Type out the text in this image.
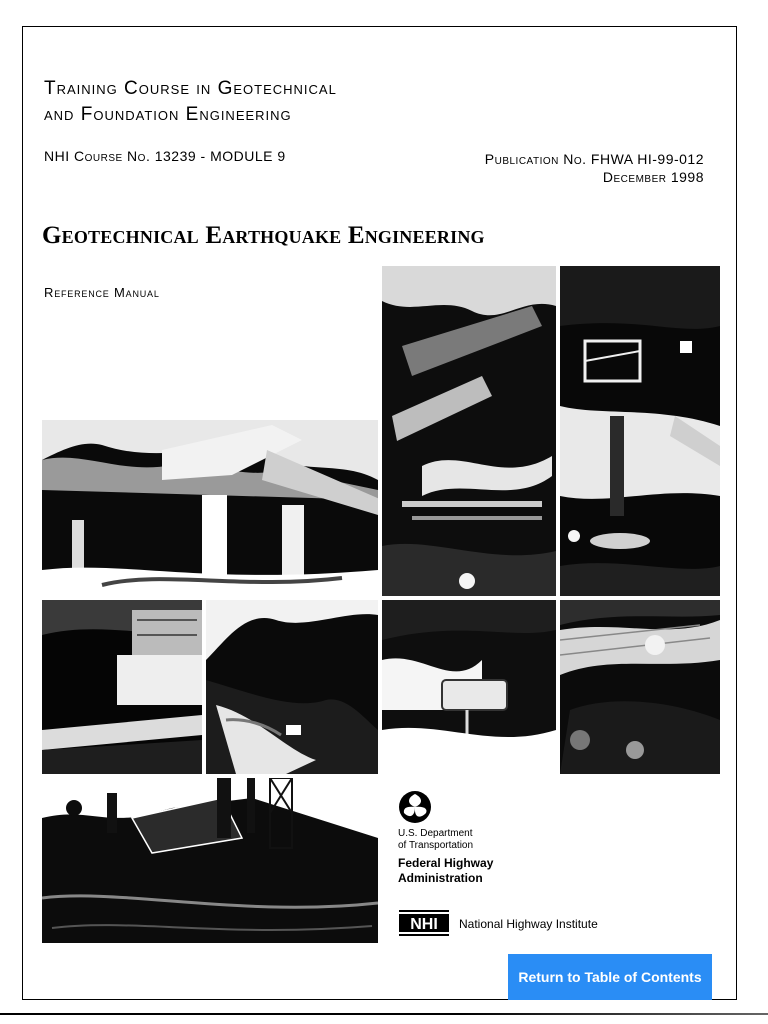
Training Course in Geotechnical
and Foundation Engineering
NHI Course No. 13239 - MODULE 9	Publication No. FHWA HI-99-012
December 1998
Geotechnical Earthquake Engineering
Reference Manual
U.S. Department
of Transportation
Federal Highway
Administration
NHI National Highway Institute
Return to Table of Contents
